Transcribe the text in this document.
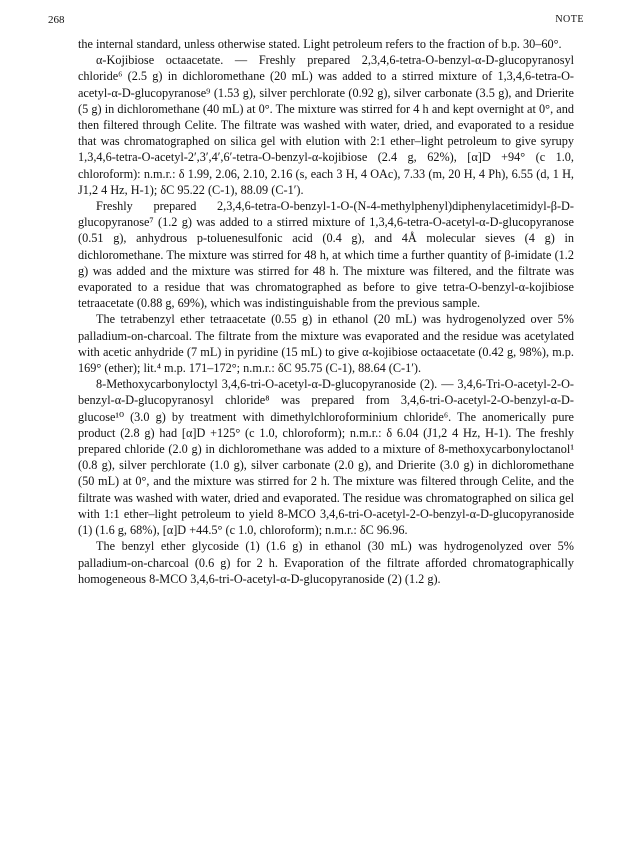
268	NOTE

the internal standard, unless otherwise stated. Light petroleum refers to the fraction of b.p. 30–60°.

α-Kojibiose octaacetate. — Freshly prepared 2,3,4,6-tetra-O-benzyl-α-D-glucopyranosyl chloride⁶ (2.5 g) in dichloromethane (20 mL) was added to a stirred mixture of 1,3,4,6-tetra-O-acetyl-α-D-glucopyranose⁹ (1.53 g), silver perchlorate (0.92 g), silver carbonate (3.5 g), and Drierite (5 g) in dichloromethane (40 mL) at 0°. The mixture was stirred for 4 h and kept overnight at 0°, and then filtered through Celite. The filtrate was washed with water, dried, and evaporated to a residue that was chromatographed on silica gel with elution with 2:1 ether–light petroleum to give syrupy 1,3,4,6-tetra-O-acetyl-2′,3′,4′,6′-tetra-O-benzyl-α-kojibiose (2.4 g, 62%), [α]D +94° (c 1.0, chloroform): n.m.r.: δ 1.99, 2.06, 2.10, 2.16 (s, each 3 H, 4 OAc), 7.33 (m, 20 H, 4 Ph), 6.55 (d, 1 H, J1,2 4 Hz, H-1); δC 95.22 (C-1), 88.09 (C-1′).

Freshly prepared 2,3,4,6-tetra-O-benzyl-1-O-(N-4-methylphenyl)diphenylacetimidyl-β-D-glucopyranose⁷ (1.2 g) was added to a stirred mixture of 1,3,4,6-tetra-O-acetyl-α-D-glucopyranose (0.51 g), anhydrous p-toluenesulfonic acid (0.4 g), and 4Å molecular sieves (4 g) in dichloromethane. The mixture was stirred for 48 h, at which time a further quantity of β-imidate (1.2 g) was added and the mixture was stirred for 48 h. The mixture was filtered, and the filtrate was evaporated to a residue that was chromatographed as before to give tetra-O-benzyl-α-kojibiose tetraacetate (0.88 g, 69%), which was indistinguishable from the previous sample.

The tetrabenzyl ether tetraacetate (0.55 g) in ethanol (20 mL) was hydrogenolyzed over 5% palladium-on-charcoal. The filtrate from the mixture was evaporated and the residue was acetylated with acetic anhydride (7 mL) in pyridine (15 mL) to give α-kojibiose octaacetate (0.42 g, 98%), m.p. 169° (ether); lit.⁴ m.p. 171–172°; n.m.r.: δC 95.75 (C-1), 88.64 (C-1′).

8-Methoxycarbonyloctyl 3,4,6-tri-O-acetyl-α-D-glucopyranoside (2). — 3,4,6-Tri-O-acetyl-2-O-benzyl-α-D-glucopyranosyl chloride⁸ was prepared from 3,4,6-tri-O-acetyl-2-O-benzyl-α-D-glucose¹⁰ (3.0 g) by treatment with dimethylchloroforminium chloride⁶. The anomerically pure product (2.8 g) had [α]D +125° (c 1.0, chloroform); n.m.r.: δ 6.04 (J1,2 4 Hz, H-1). The freshly prepared chloride (2.0 g) in dichloromethane was added to a mixture of 8-methoxycarbonyloctanol¹ (0.8 g), silver perchlorate (1.0 g), silver carbonate (2.0 g), and Drierite (3.0 g) in dichloromethane (50 mL) at 0°, and the mixture was stirred for 2 h. The mixture was filtered through Celite, and the filtrate was washed with water, dried and evaporated. The residue was chromatographed on silica gel with 1:1 ether–light petroleum to yield 8-MCO 3,4,6-tri-O-acetyl-2-O-benzyl-α-D-glucopyranoside (1) (1.6 g, 68%), [α]D +44.5° (c 1.0, chloroform); n.m.r.: δC 96.96.

The benzyl ether glycoside (1) (1.6 g) in ethanol (30 mL) was hydrogenolyzed over 5% palladium-on-charcoal (0.6 g) for 2 h. Evaporation of the filtrate afforded chromatographically homogeneous 8-MCO 3,4,6-tri-O-acetyl-α-D-glucopyranoside (2) (1.2 g).
